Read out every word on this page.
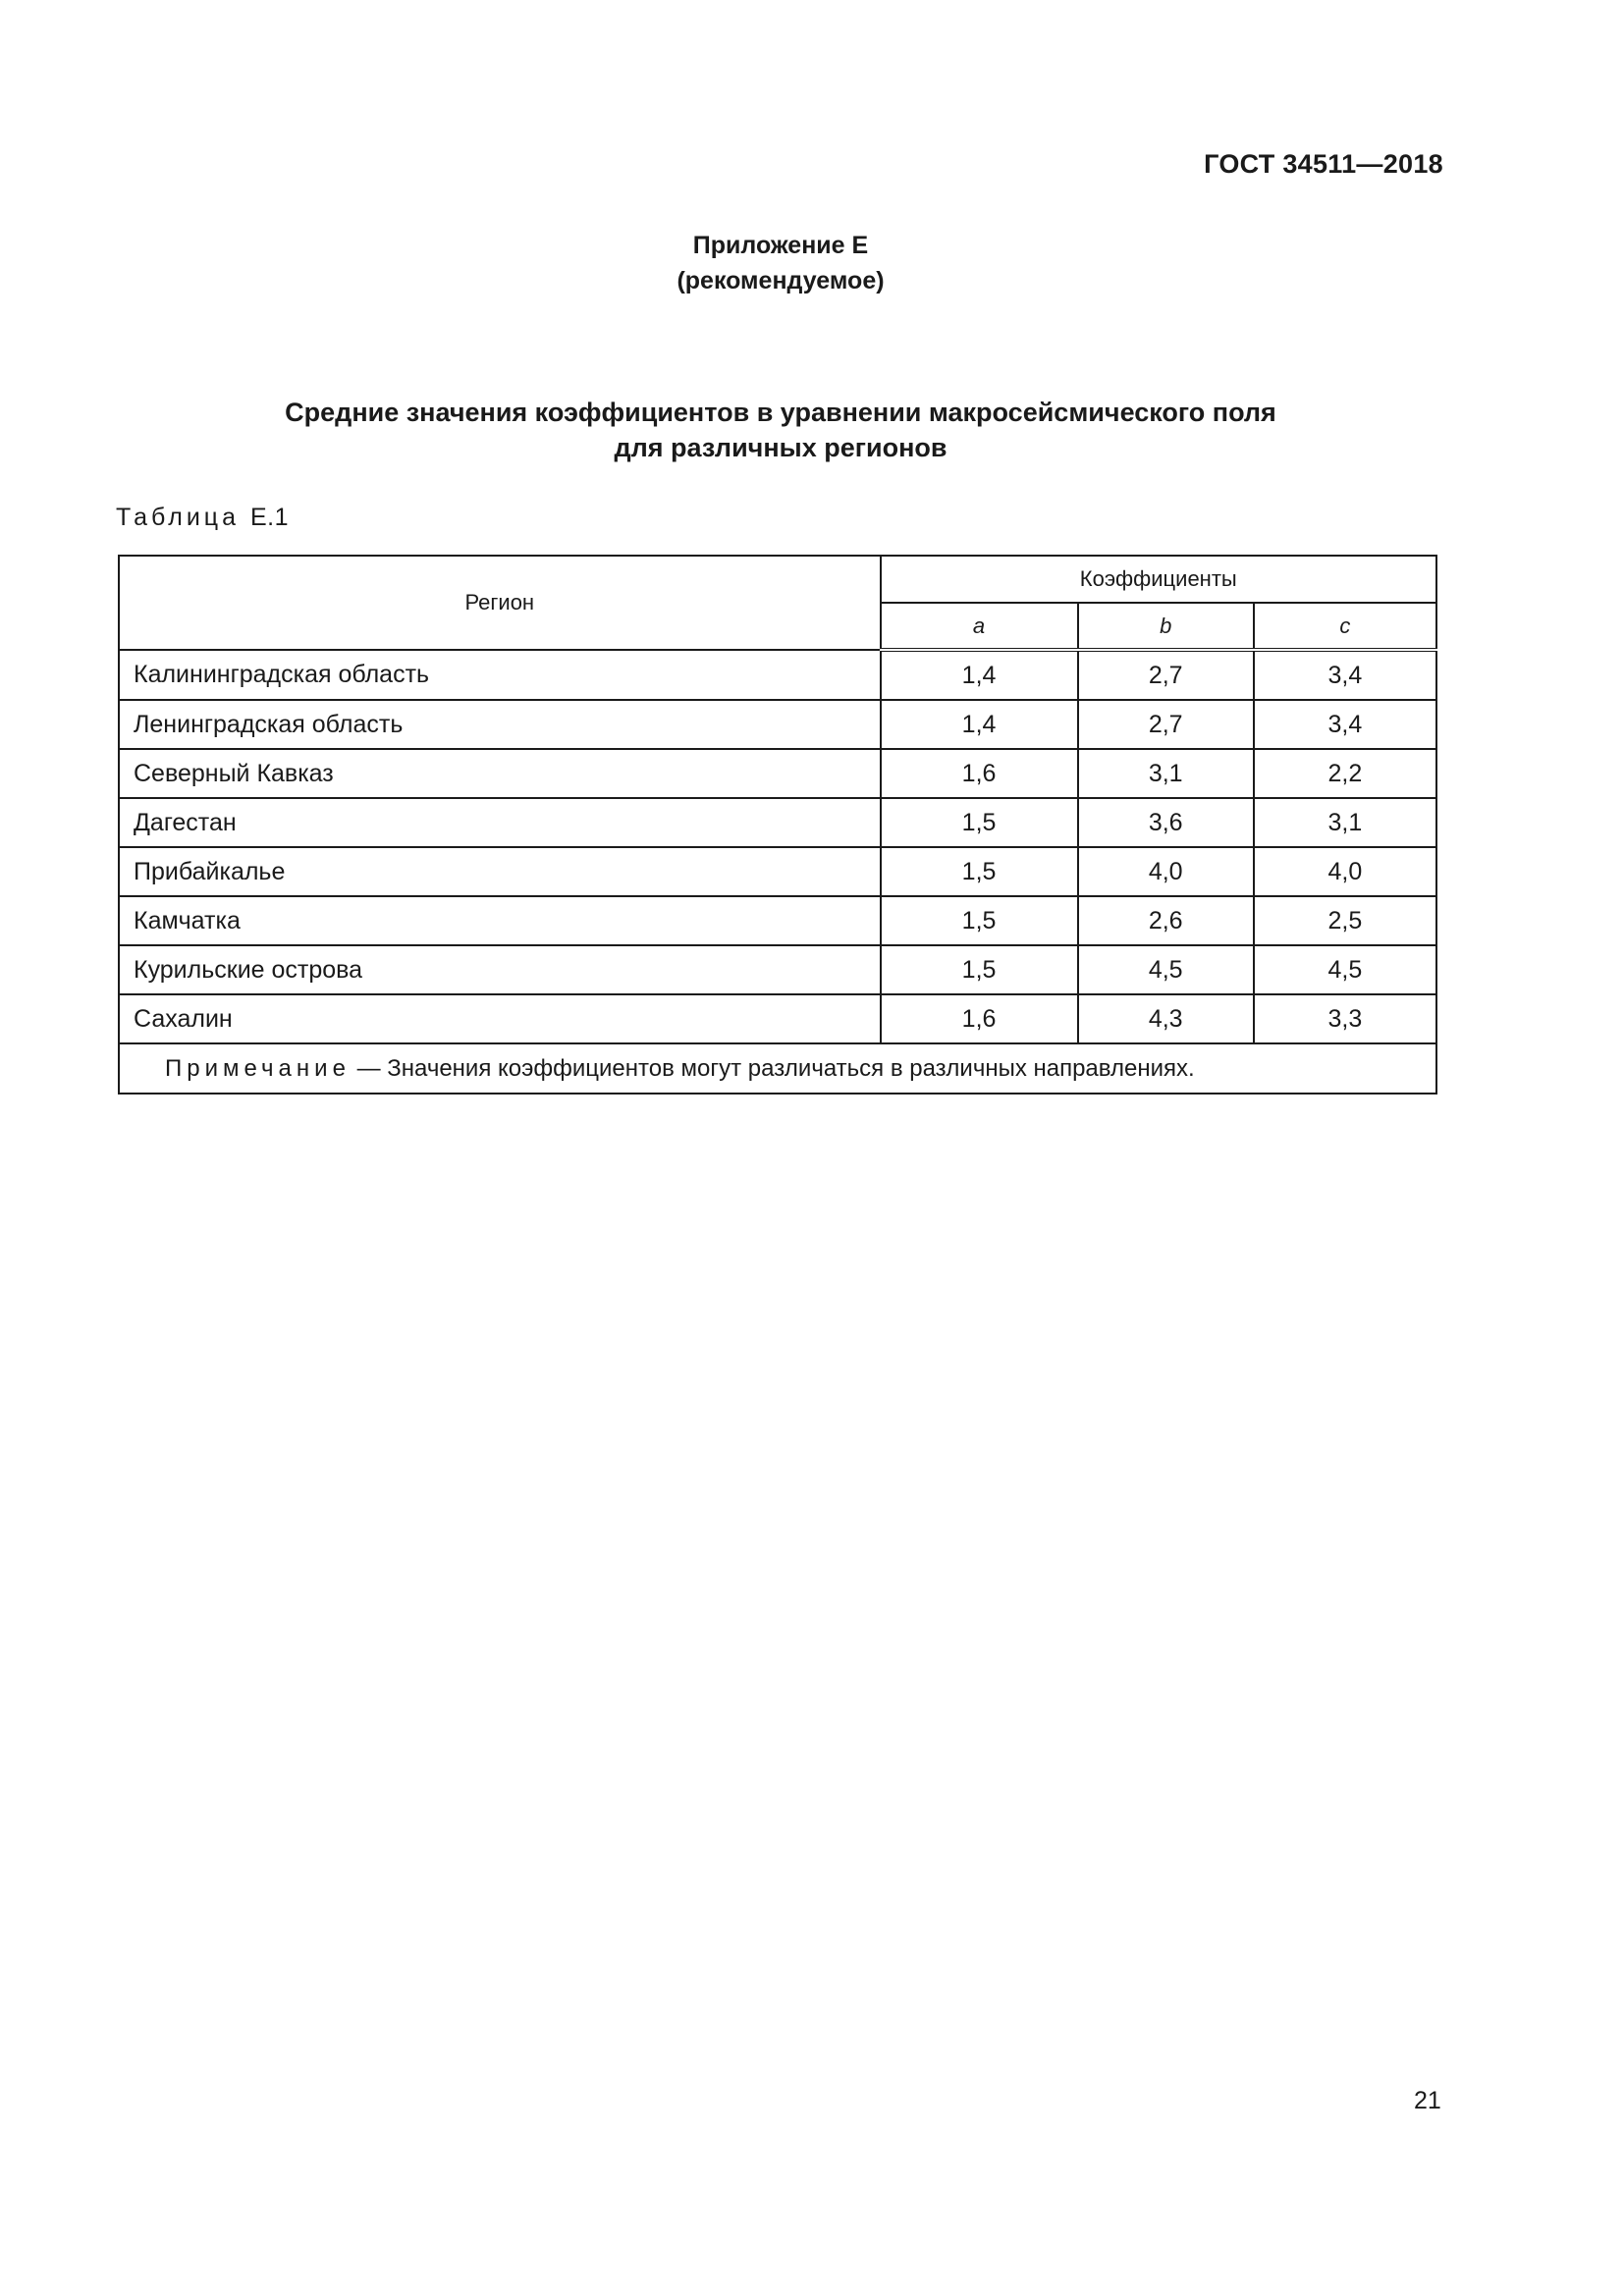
ГОСТ 34511—2018
Приложение Е
(рекомендуемое)
Средние значения коэффициентов в уравнении макросейсмического поля
для различных регионов
Таблица Е.1
Регион	Коэффициенты		
	a	b	c
Калининградская область	1,4	2,7	3,4
Ленинградская область	1,4	2,7	3,4
Северный Кавказ	1,6	3,1	2,2
Дагестан	1,5	3,6	3,1
Прибайкалье	1,5	4,0	4,0
Камчатка	1,5	2,6	2,5
Курильские острова	1,5	4,5	4,5
Сахалин	1,6	4,3	3,3
Примечание — Значения коэффициентов могут различаться в различных направлениях.			
21
